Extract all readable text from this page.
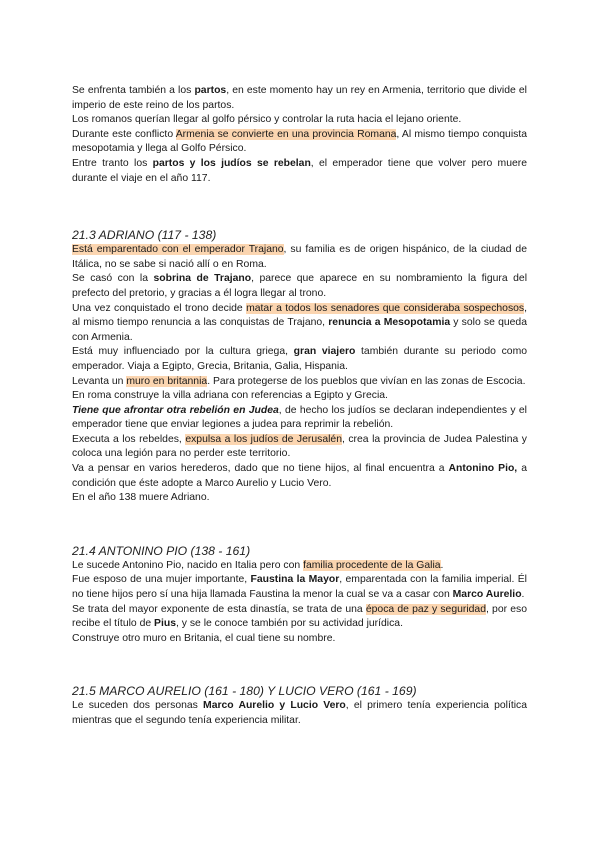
Se enfrenta también a los partos, en este momento hay un rey en Armenia, territorio que divide el imperio de este reino de los partos.

Los romanos querían llegar al golfo pérsico y controlar la ruta hacia el lejano oriente.

Durante este conflicto Armenia se convierte en una provincia Romana, Al mismo tiempo conquista mesopotamia y llega al Golfo Pérsico.

Entre tranto los partos y los judíos se rebelan, el emperador tiene que volver pero muere durante el viaje en el año 117.

21.3 ADRIANO (117 - 138)

Está emparentado con el emperador Trajano, su familia es de origen hispánico, de la ciudad de Itálica, no se sabe si nació allí o en Roma.

Se casó con la sobrina de Trajano, parece que aparece en su nombramiento la figura del prefecto del pretorio, y gracias a él logra llegar al trono.

Una vez conquistado el trono decide matar a todos los senadores que consideraba sospechosos, al mismo tiempo renuncia a las conquistas de Trajano, renuncia a Mesopotamia y solo se queda con Armenia.

Está muy influenciado por la cultura griega, gran viajero también durante su periodo como emperador. Viaja a Egipto, Grecia, Britania, Galia, Hispania.

Levanta un muro en britannia. Para protegerse de los pueblos que vivían en las zonas de Escocia.

En roma construye la villa adriana con referencias a Egipto y Grecia.

Tiene que afrontar otra rebelión en Judea, de hecho los judíos se declaran independientes y el emperador tiene que enviar legiones a judea para reprimir la rebelión.

Executa a los rebeldes, expulsa a los judíos de Jerusalén, crea la provincia de Judea Palestina y coloca una legión para no perder este territorio.

Va a pensar en varios herederos, dado que no tiene hijos, al final encuentra a Antonino Pio, a condición que éste adopte a Marco Aurelio y Lucio Vero.

En el año 138 muere Adriano.

21.4 ANTONINO PIO (138 - 161)

Le sucede Antonino Pio, nacido en Italia pero con familia procedente de la Galia.

Fue esposo de una mujer importante, Faustina la Mayor, emparentada con la familia imperial. Él no tiene hijos pero sí una hija llamada Faustina la menor la cual se va a casar con Marco Aurelio.

Se trata del mayor exponente de esta dinastía, se trata de una época de paz y seguridad, por eso recibe el título de Pius, y se le conoce también por su actividad jurídica.

Construye otro muro en Britania, el cual tiene su nombre.

21.5 MARCO AURELIO (161 - 180) Y LUCIO VERO (161 - 169)

Le suceden dos personas Marco Aurelio y Lucio Vero, el primero tenía experiencia política mientras que el segundo tenía experiencia militar.
